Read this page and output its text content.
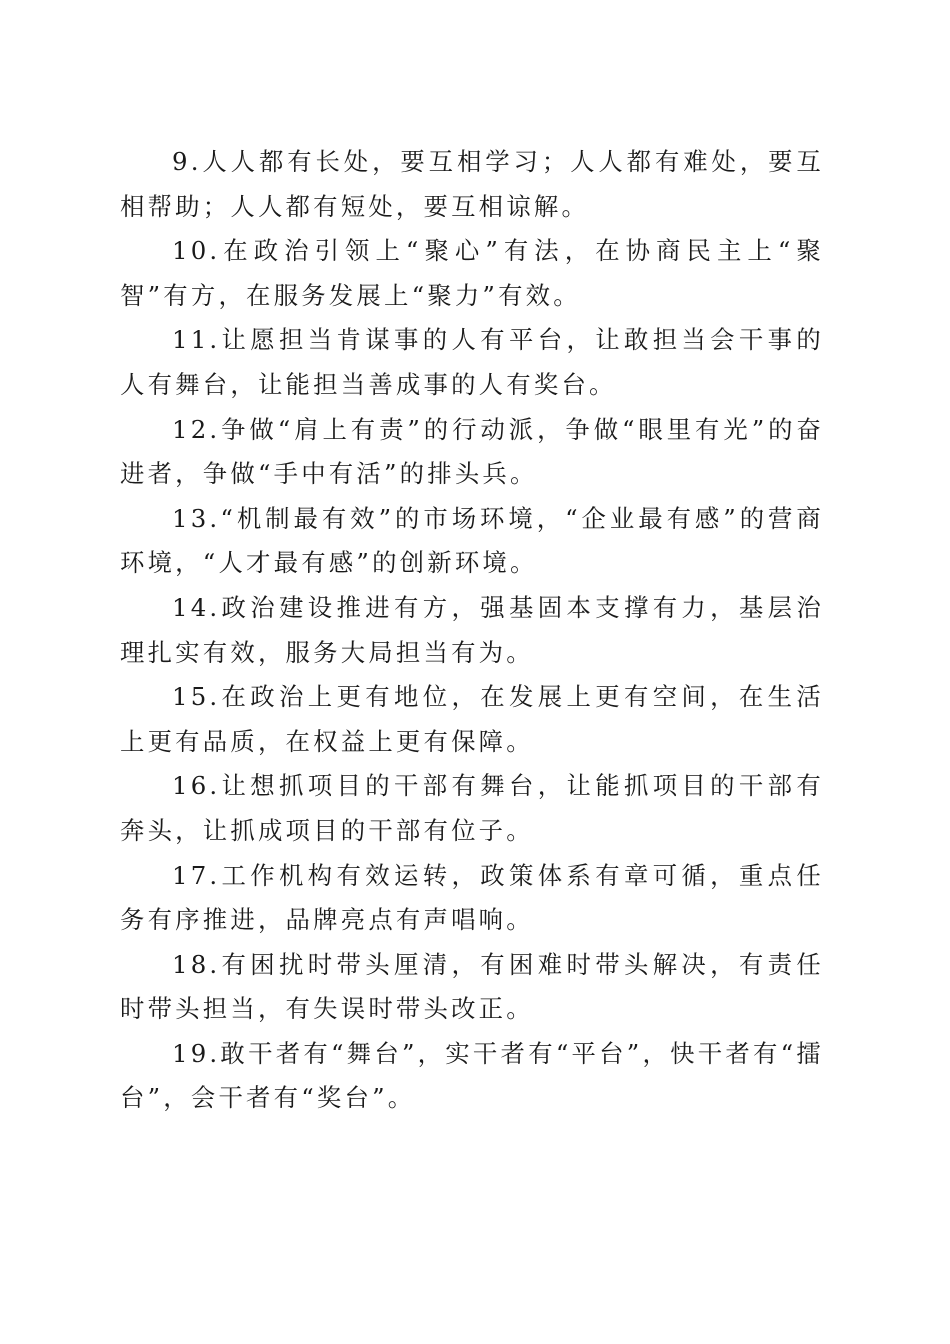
9.人人都有长处，要互相学习；人人都有难处，要互相帮助；人人都有短处，要互相谅解。

10.在政治引领上“聚心”有法，在协商民主上“聚智”有方，在服务发展上“聚力”有效。

11.让愿担当肯谋事的人有平台，让敢担当会干事的人有舞台，让能担当善成事的人有奖台。

12.争做“肩上有责”的行动派，争做“眼里有光”的奋进者，争做“手中有活”的排头兵。

13.“机制最有效”的市场环境，“企业最有感”的营商环境，“人才最有感”的创新环境。

14.政治建设推进有方，强基固本支撑有力，基层治理扎实有效，服务大局担当有为。

15.在政治上更有地位，在发展上更有空间，在生活上更有品质，在权益上更有保障。

16.让想抓项目的干部有舞台，让能抓项目的干部有奔头，让抓成项目的干部有位子。

17.工作机构有效运转，政策体系有章可循，重点任务有序推进，品牌亮点有声唱响。

18.有困扰时带头厘清，有困难时带头解决，有责任时带头担当，有失误时带头改正。

19.敢干者有“舞台”，实干者有“平台”，快干者有“擂台”，会干者有“奖台”。
